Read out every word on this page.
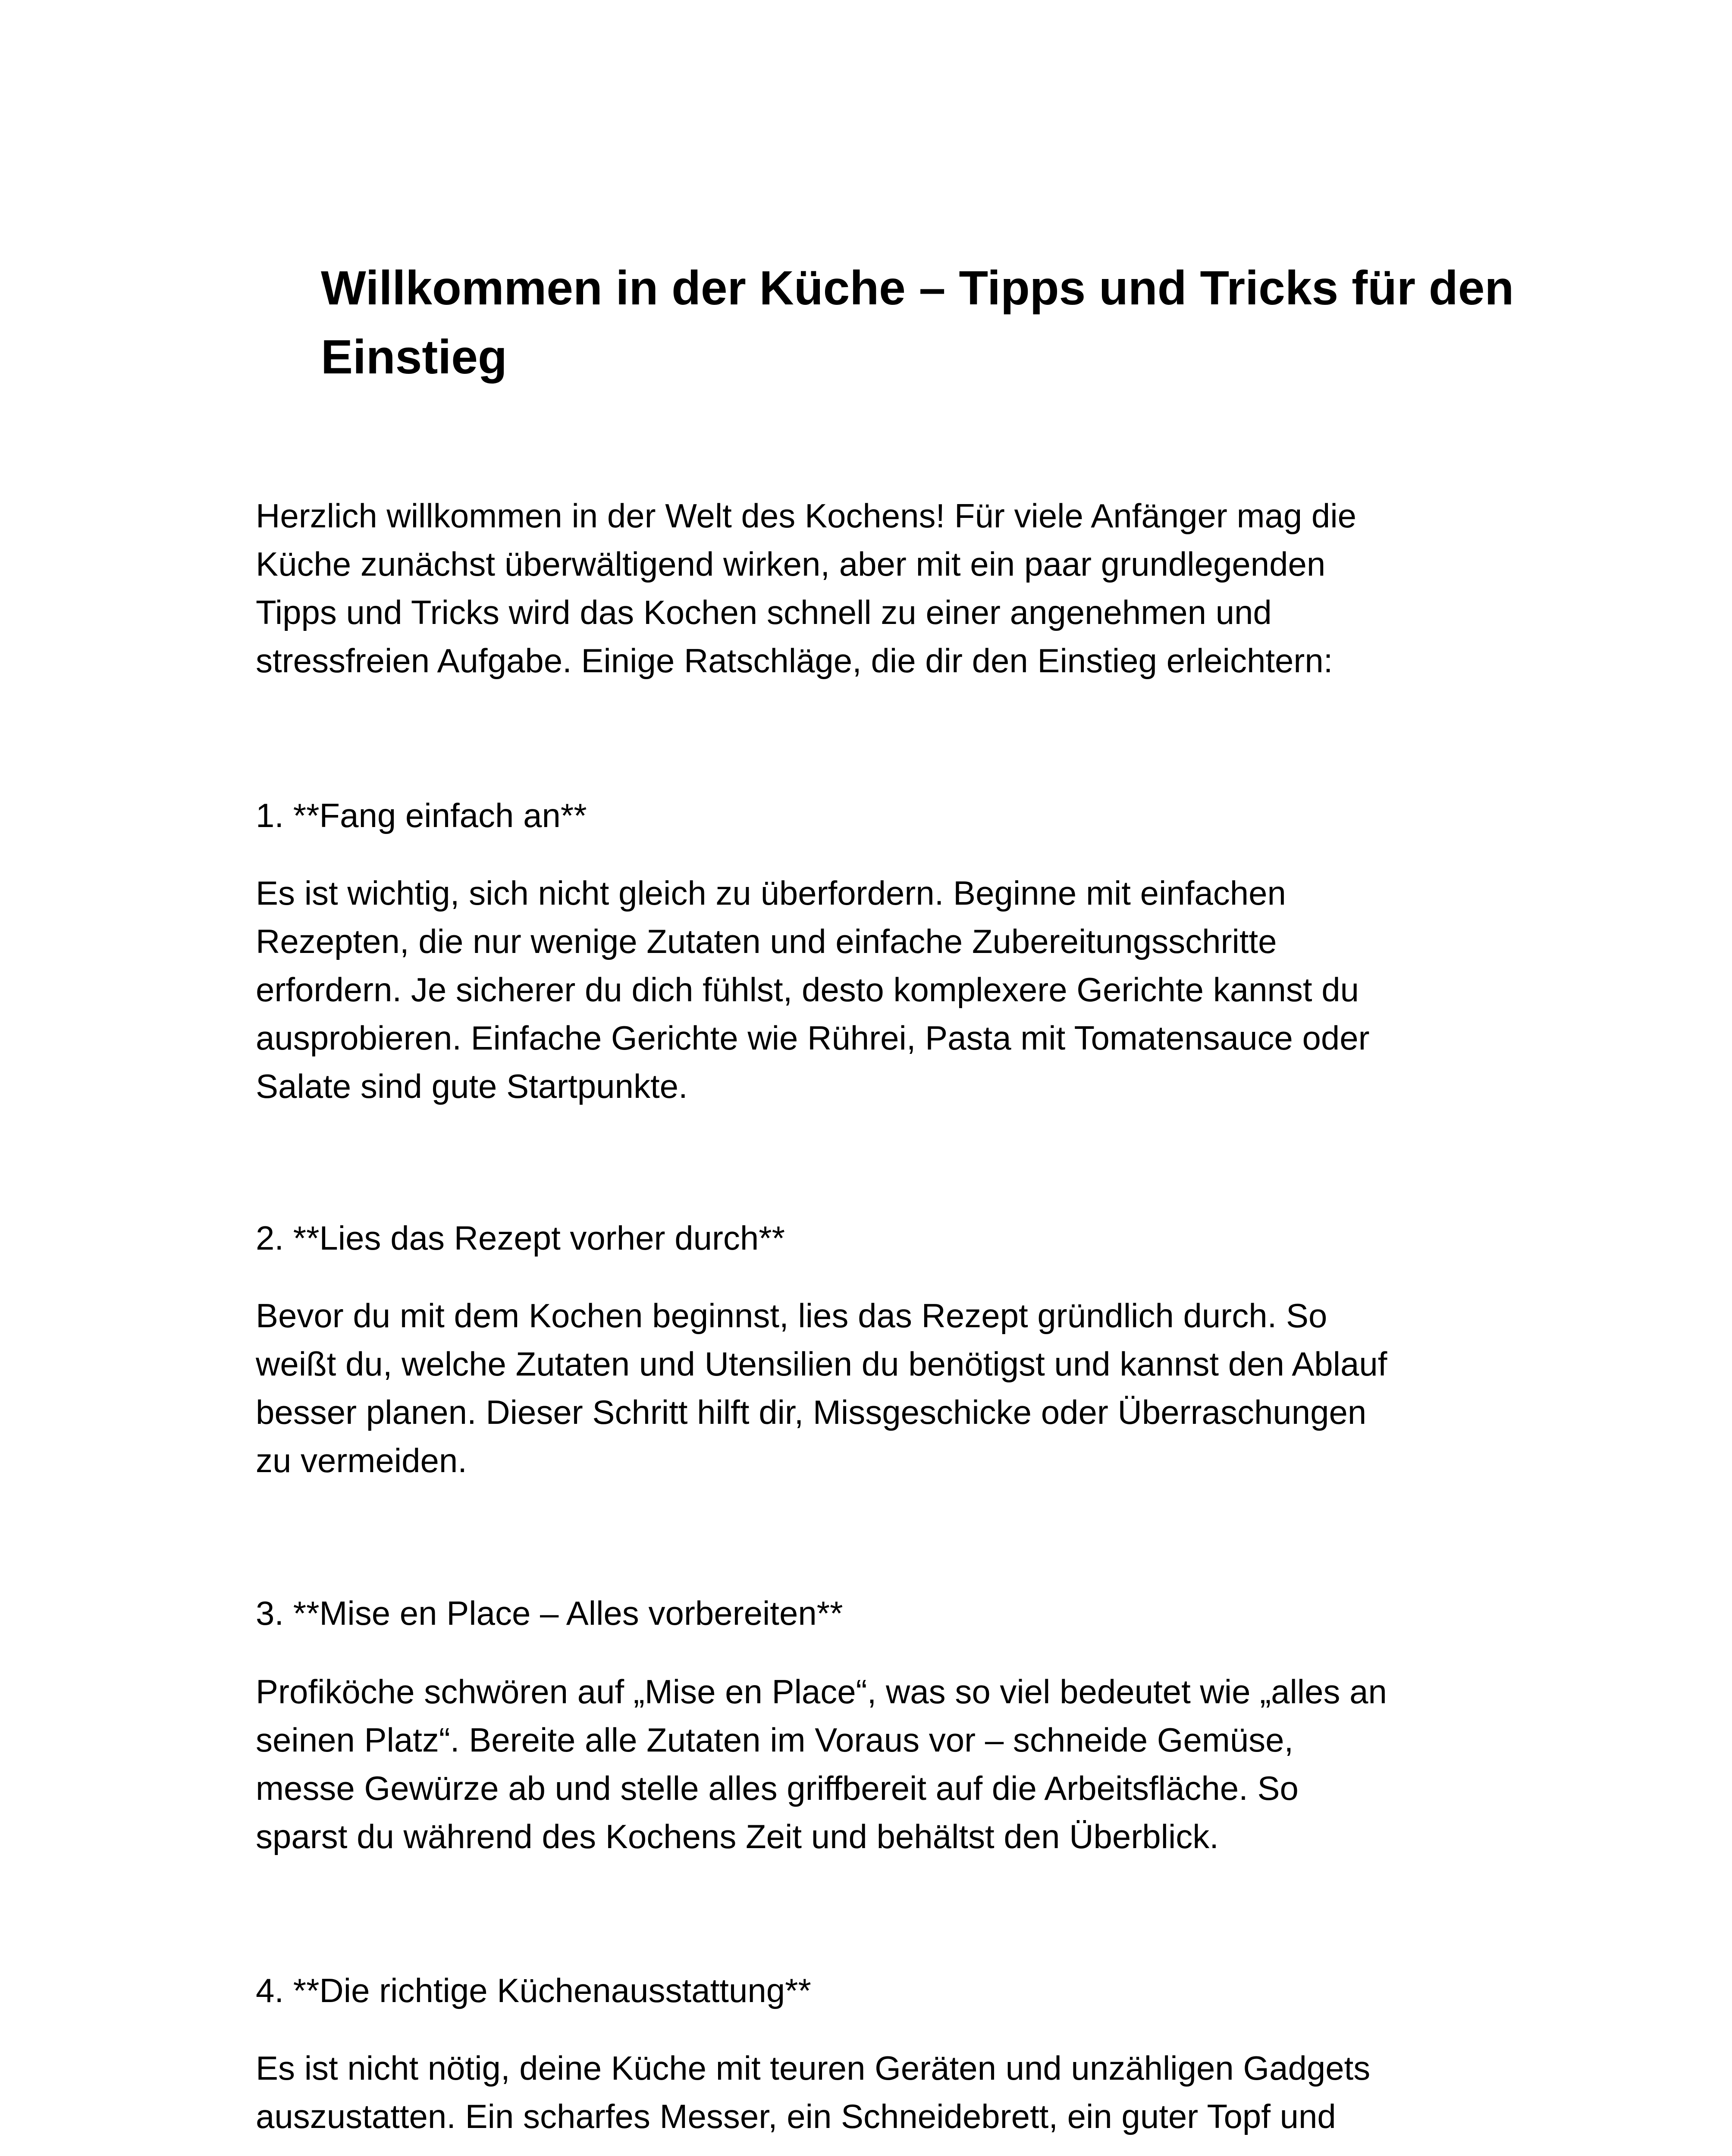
Willkommen in der Küche – Tipps und Tricks für den Einstieg

Herzlich willkommen in der Welt des Kochens! Für viele Anfänger mag die
Küche zunächst überwältigend wirken, aber mit ein paar grundlegenden
Tipps und Tricks wird das Kochen schnell zu einer angenehmen und
stressfreien Aufgabe. Einige Ratschläge, die dir den Einstieg erleichtern:

1. **Fang einfach an**

Es ist wichtig, sich nicht gleich zu überfordern. Beginne mit einfachen
Rezepten, die nur wenige Zutaten und einfache Zubereitungsschritte
erfordern. Je sicherer du dich fühlst, desto komplexere Gerichte kannst du
ausprobieren. Einfache Gerichte wie Rührei, Pasta mit Tomatensauce oder
Salate sind gute Startpunkte.

2. **Lies das Rezept vorher durch**

Bevor du mit dem Kochen beginnst, lies das Rezept gründlich durch. So
weißt du, welche Zutaten und Utensilien du benötigst und kannst den Ablauf
besser planen. Dieser Schritt hilft dir, Missgeschicke oder Überraschungen
zu vermeiden.

3. **Mise en Place – Alles vorbereiten**

Profiköche schwören auf „Mise en Place“, was so viel bedeutet wie „alles an
seinen Platz“. Bereite alle Zutaten im Voraus vor – schneide Gemüse,
messe Gewürze ab und stelle alles griffbereit auf die Arbeitsfläche. So
sparst du während des Kochens Zeit und behältst den Überblick.

4. **Die richtige Küchenausstattung**

Es ist nicht nötig, deine Küche mit teuren Geräten und unzähligen Gadgets
auszustatten. Ein scharfes Messer, ein Schneidebrett, ein guter Topf und
